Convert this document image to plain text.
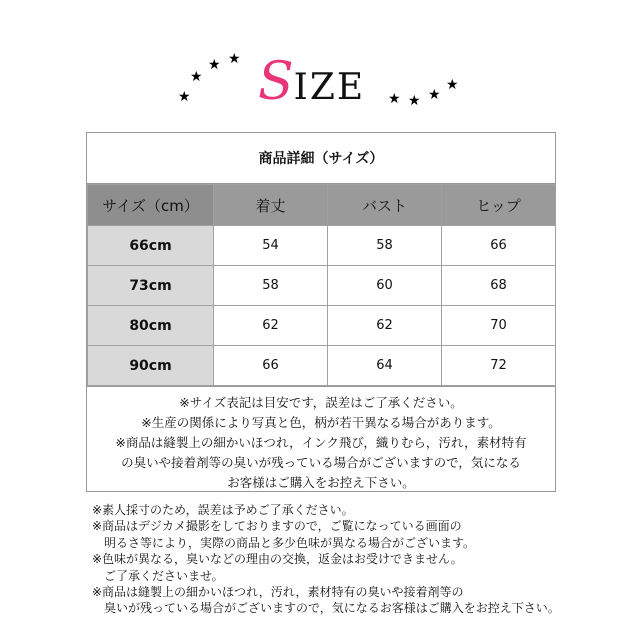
★
★
★ ★ SIZE ★ ★ ★
★
商品詳細（サイズ）
サイズ（cm）	着丈	バスト	ヒップ
66cm	54	58	66
73cm	58	60	68
80cm	62	62	70
90cm	66	64	72
※サイズ表記は目安です，誤差はご了承ください。
※生産の関係により写真と色，柄が若干異なる場合があります。
※商品は縫製上の細かいほつれ，インク飛び，織りむら，汚れ，素材特有
の臭いや接着剤等の臭いが残っている場合がございますので，気になる
お客様はご購入をお控え下さい。
※素人採寸のため，誤差は予めご了承ください。
※商品はデジカメ撮影をしておりますので，ご覧になっている画面の
明るさ等により，実際の商品と多少色味が異なる場合がございます。
※色味が異なる，臭いなどの理由の交換，返金はお受けできません。
ご了承くださいませ。
※商品は縫製上の細かいほつれ，汚れ，素材特有の臭いや接着剤等の
臭いが残っている場合がございますので，気になるお客様はご購入をお控え下さい。
